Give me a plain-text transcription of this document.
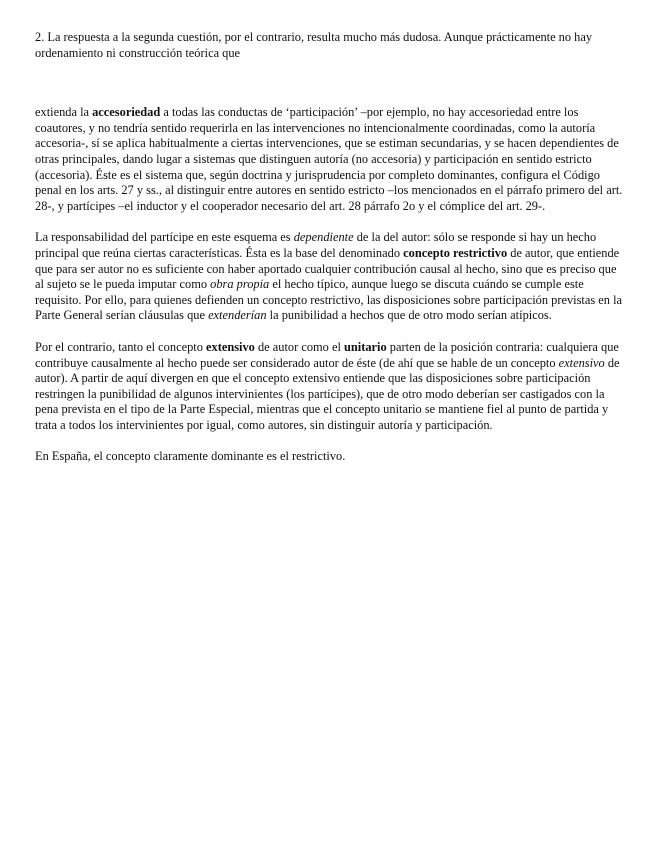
2. La respuesta a la segunda cuestión, por el contrario, resulta mucho más dudosa. Aunque prácticamente no hay ordenamiento ni construcción teórica que

extienda la accesoriedad a todas las conductas de ‘participación’ –por ejemplo, no hay accesoriedad entre los coautores, y no tendría sentido requerirla en las intervenciones no intencionalmente coordinadas, como la autoría accesoria-, sí se aplica habitualmente a ciertas intervenciones, que se estiman secundarias, y se hacen dependientes de otras principales, dando lugar a sistemas que distinguen autoría (no accesoria) y participación en sentido estricto (accesoria). Éste es el sistema que, según doctrina y jurisprudencia por completo dominantes, configura el Código penal en los arts. 27 y ss., al distinguir entre autores en sentido estricto –los mencionados en el párrafo primero del art. 28-, y partícipes –el inductor y el cooperador necesario del art. 28 párrafo 2o y el cómplice del art. 29-.

La responsabilidad del partícipe en este esquema es dependiente de la del autor: sólo se responde si hay un hecho principal que reúna ciertas características. Ésta es la base del denominado concepto restrictivo de autor, que entiende que para ser autor no es suficiente con haber aportado cualquier contribución causal al hecho, sino que es preciso que al sujeto se le pueda imputar como obra propia el hecho típico, aunque luego se discuta cuándo se cumple este requisito. Por ello, para quienes defienden un concepto restrictivo, las disposiciones sobre participación previstas en la Parte General serían cláusulas que extenderían la punibilidad a hechos que de otro modo serían atípicos.

Por el contrario, tanto el concepto extensivo de autor como el unitario parten de la posición contraria: cualquiera que contribuye causalmente al hecho puede ser considerado autor de éste (de ahí que se hable de un concepto extensivo de autor). A partir de aquí divergen en que el concepto extensivo entiende que las disposiciones sobre participación restringen la punibilidad de algunos intervinientes (los partícipes), que de otro modo deberían ser castigados con la pena prevista en el tipo de la Parte Especial, mientras que el concepto unitario se mantiene fiel al punto de partida y trata a todos los intervinientes por igual, como autores, sin distinguir autoría y participación.

En España, el concepto claramente dominante es el restrictivo.
